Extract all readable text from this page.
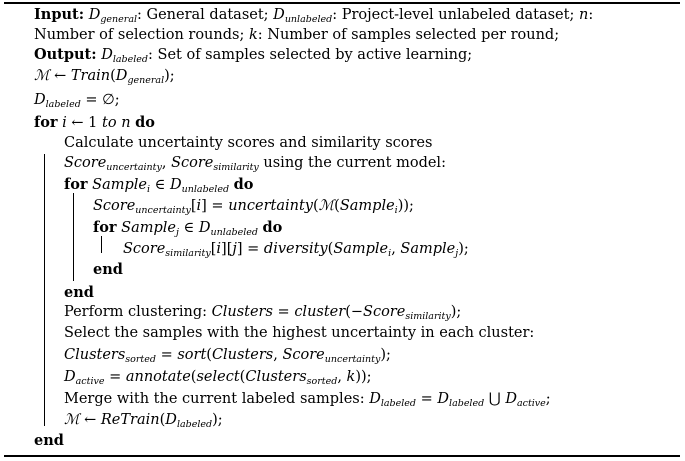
Input: $D_{general}$: General dataset; $D_{unlabeled}$: Project-level unlabeled dataset; n:
Number of selection rounds; k: Number of samples selected per round;
Output: $D_{labeled}$: Set of samples selected by active learning;
ℳ ← $Train(D_{general})$;
$D_{labeled}$ = ∅;
for i ← 1 to n do
Calculate uncertainty scores and similarity scores
Score$_{uncertainty}$, Score$_{similarity}$ using the current model:
for Sample$_i$ ∈ $D_{unlabeled}$ do
Score$_{uncertainty}$[i] = uncertainty(ℳ(Sample$_i$));
for Sample$_j$ ∈ $D_{unlabeled}$ do
Score$_{similarity}$[i][j] = diversity(Sample$_i$, Sample$_j$);
end
end
Perform clustering: Clusters = cluster(−Score$_{similarity}$);
Select the samples with the highest uncertainty in each cluster:
Clusters$_{sorted}$ = sort(Clusters, Score$_{uncertainty}$);
$D_{active}$ = annotate(select(Clusters$_{sorted}$, k));
Merge with the current labeled samples: $D_{labeled} = D_{labeled}$ ⋃ $D_{active}$;
ℳ ← $ReTrain(D_{labeled})$;
end
